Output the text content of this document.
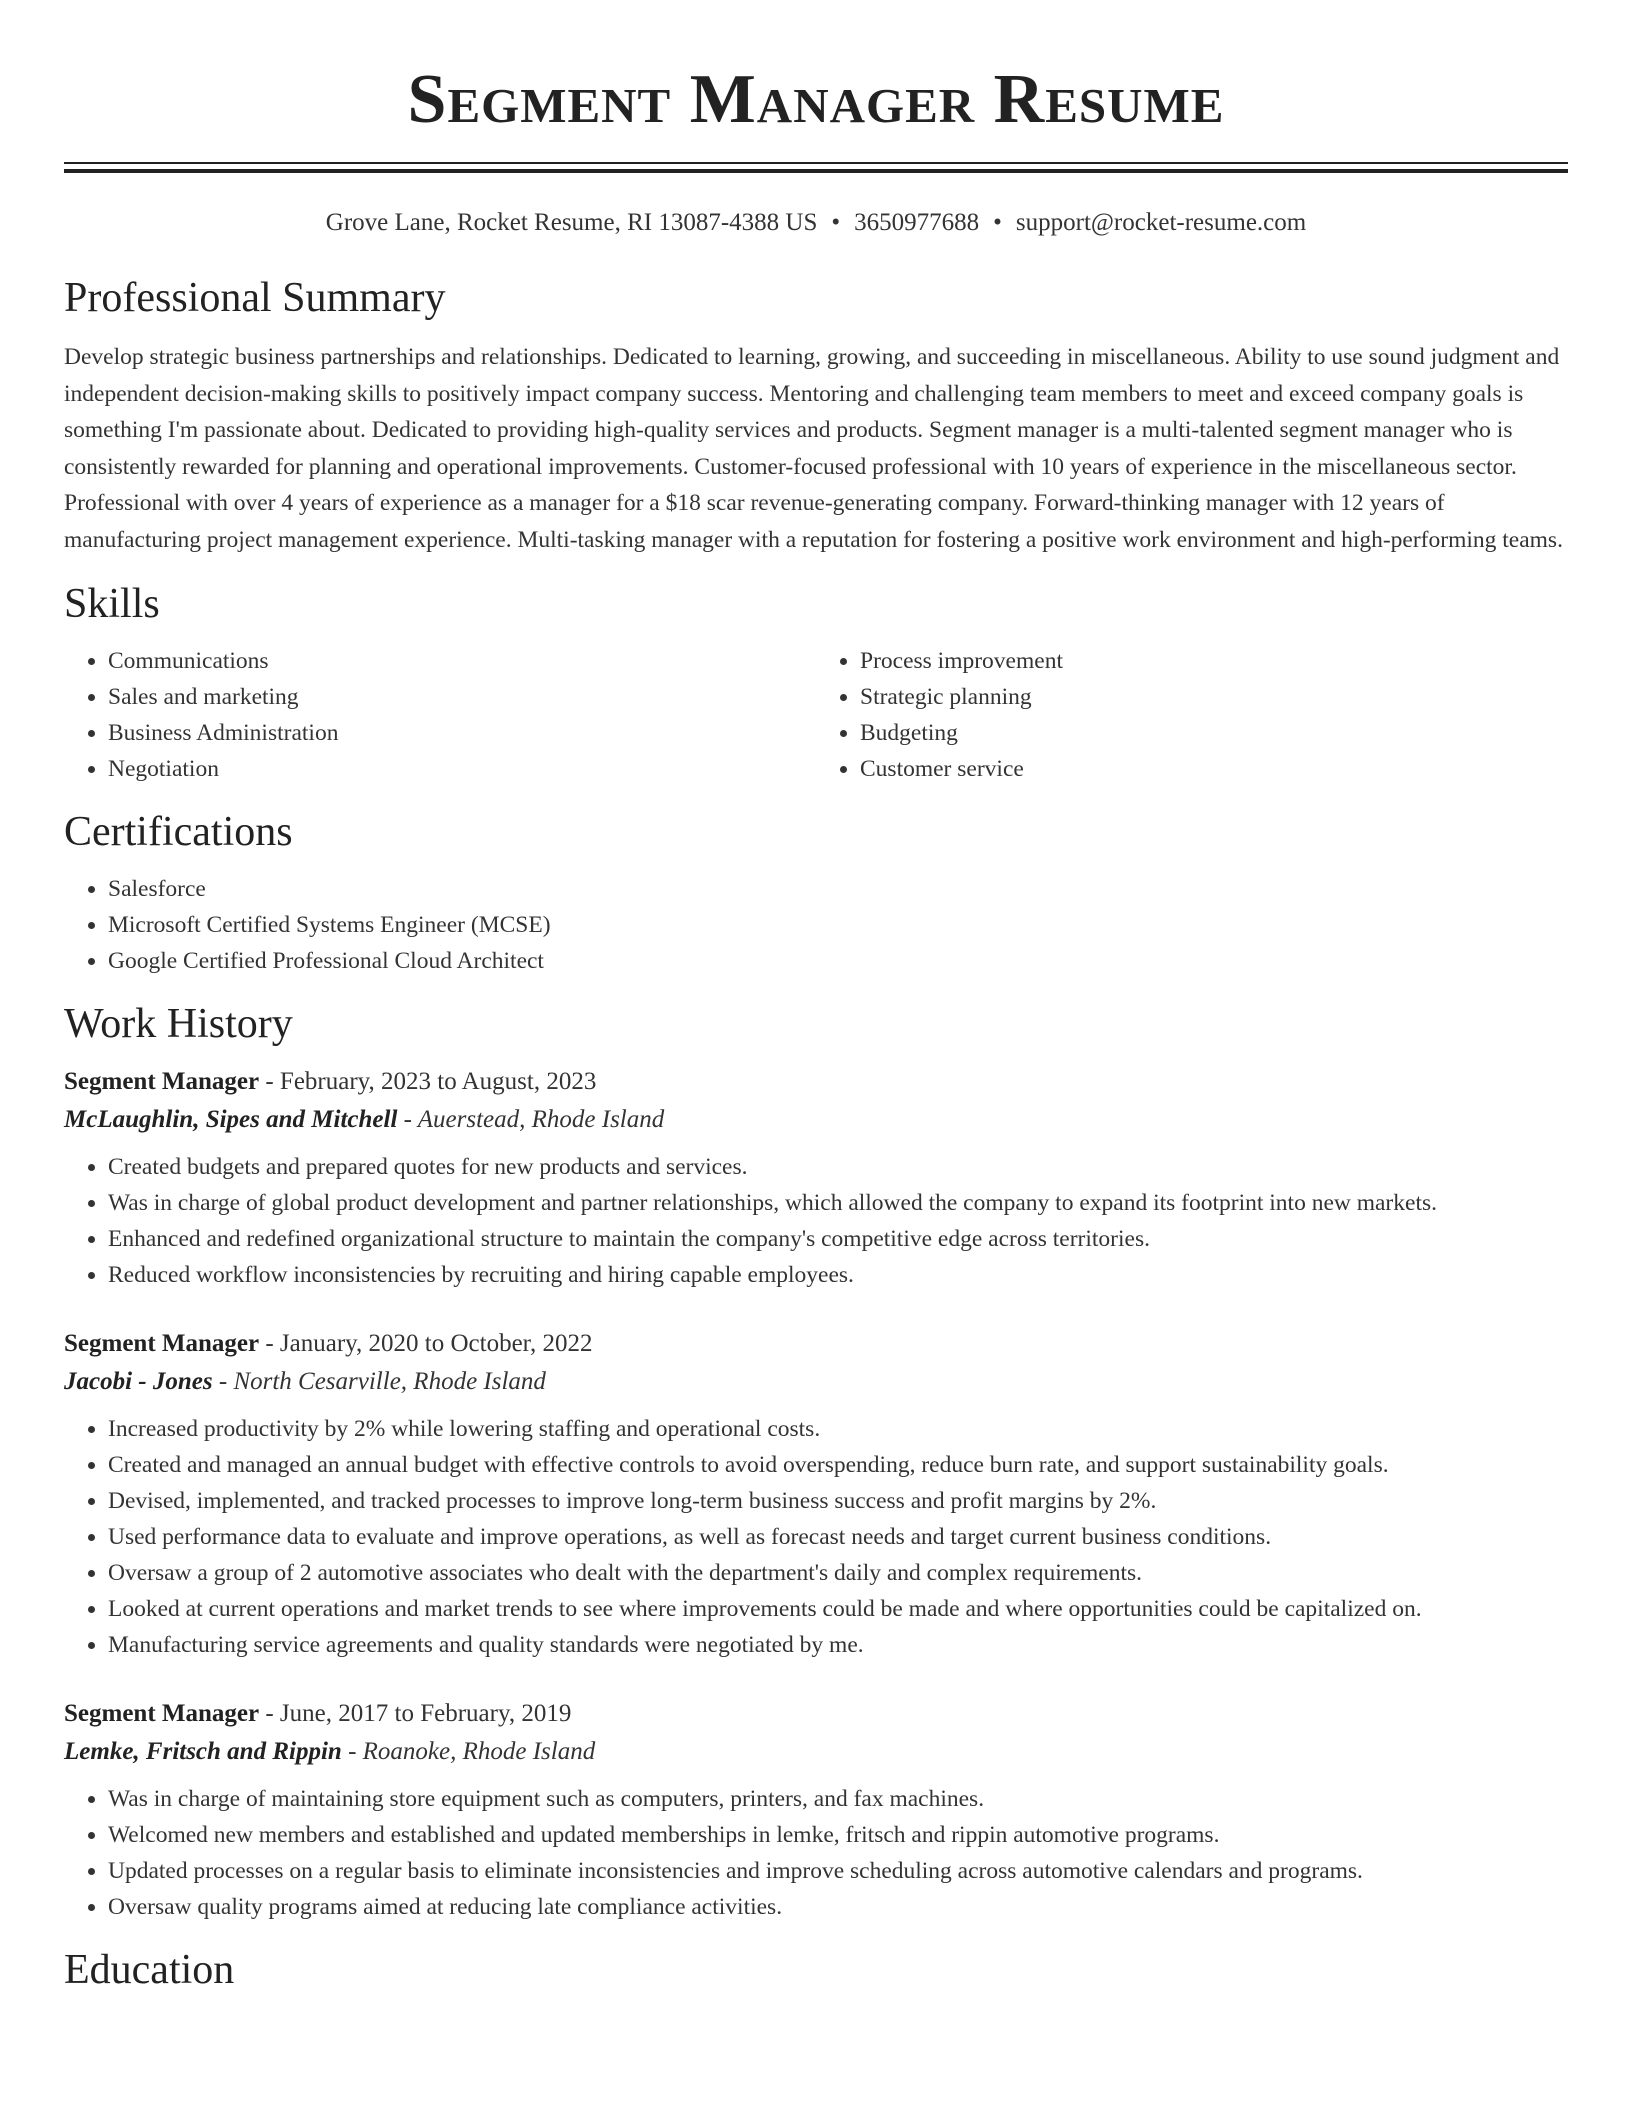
Segment Manager Resume
Grove Lane, Rocket Resume, RI 13087-4388 US • 3650977688 • support@rocket-resume.com
Professional Summary

Develop strategic business partnerships and relationships. Dedicated to learning, growing, and succeeding in miscellaneous. Ability to use sound judgment and independent decision-making skills to positively impact company success. Mentoring and challenging team members to meet and exceed company goals is something I'm passionate about. Dedicated to providing high-quality services and products. Segment manager is a multi-talented segment manager who is consistently rewarded for planning and operational improvements. Customer-focused professional with 10 years of experience in the miscellaneous sector. Professional with over 4 years of experience as a manager for a $18 scar revenue-generating company. Forward-thinking manager with 12 years of manufacturing project management experience. Multi-tasking manager with a reputation for fostering a positive work environment and high-performing teams.

Skills
• Communications
• Sales and marketing
• Business Administration
• Negotiation
• Process improvement
• Strategic planning
• Budgeting
• Customer service
Certifications
• Salesforce
• Microsoft Certified Systems Engineer (MCSE)
• Google Certified Professional Cloud Architect
Work History
Segment Manager - February, 2023 to August, 2023
McLaughlin, Sipes and Mitchell - Auerstead, Rhode Island
• Created budgets and prepared quotes for new products and services.
• Was in charge of global product development and partner relationships, which allowed the company to expand its footprint into new markets.
• Enhanced and redefined organizational structure to maintain the company's competitive edge across territories.
• Reduced workflow inconsistencies by recruiting and hiring capable employees.
Segment Manager - January, 2020 to October, 2022
Jacobi - Jones - North Cesarville, Rhode Island
• Increased productivity by 2% while lowering staffing and operational costs.
• Created and managed an annual budget with effective controls to avoid overspending, reduce burn rate, and support sustainability goals.
• Devised, implemented, and tracked processes to improve long-term business success and profit margins by 2%.
• Used performance data to evaluate and improve operations, as well as forecast needs and target current business conditions.
• Oversaw a group of 2 automotive associates who dealt with the department's daily and complex requirements.
• Looked at current operations and market trends to see where improvements could be made and where opportunities could be capitalized on.
• Manufacturing service agreements and quality standards were negotiated by me.
Segment Manager - June, 2017 to February, 2019
Lemke, Fritsch and Rippin - Roanoke, Rhode Island
• Was in charge of maintaining store equipment such as computers, printers, and fax machines.
• Welcomed new members and established and updated memberships in lemke, fritsch and rippin automotive programs.
• Updated processes on a regular basis to eliminate inconsistencies and improve scheduling across automotive calendars and programs.
• Oversaw quality programs aimed at reducing late compliance activities.
Education
